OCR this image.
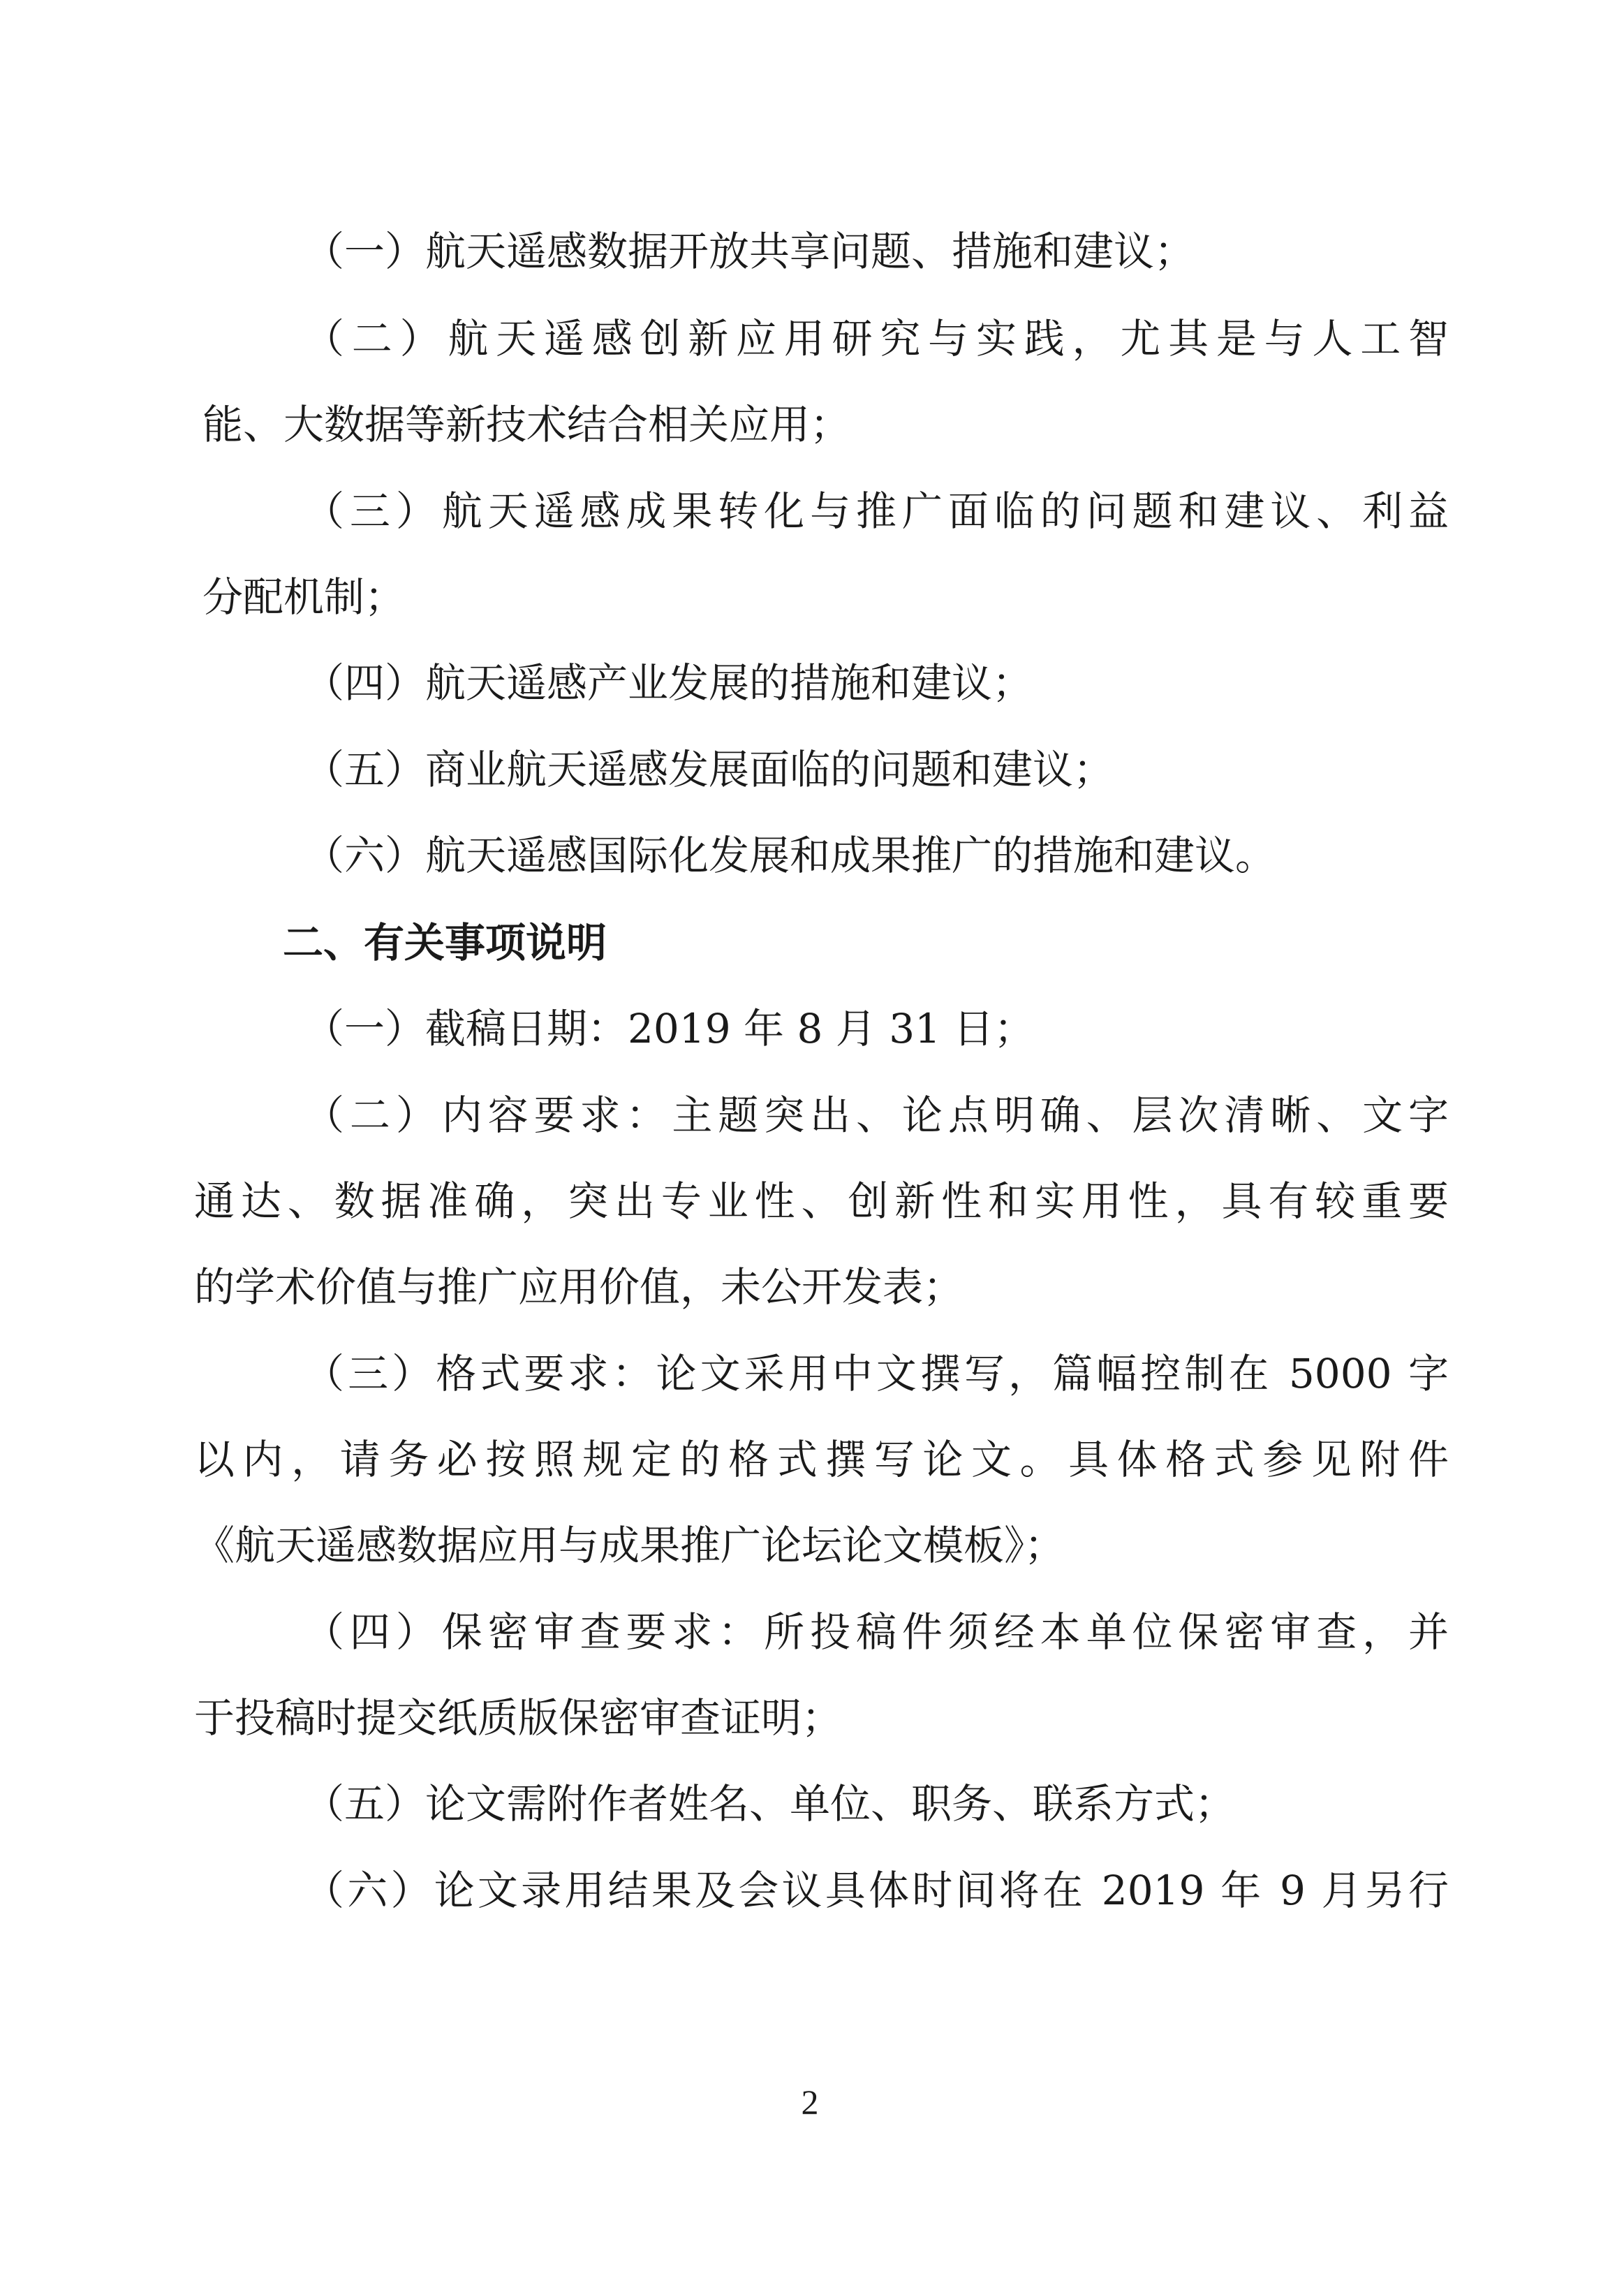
（一）航天遥感数据开放共享问题、措施和建议；
（二）航天遥感创新应用研究与实践，尤其是与人工智
能、大数据等新技术结合相关应用；
（三）航天遥感成果转化与推广面临的问题和建议、利益
分配机制；
（四）航天遥感产业发展的措施和建议；
（五）商业航天遥感发展面临的问题和建议；
（六）航天遥感国际化发展和成果推广的措施和建议。
二、有关事项说明
（一）截稿日期：2019 年 8 月 31 日；
（二）内容要求：主题突出、论点明确、层次清晰、文字
通达、数据准确，突出专业性、创新性和实用性，具有较重要
的学术价值与推广应用价值，未公开发表；
（三）格式要求：论文采用中文撰写，篇幅控制在 5000 字
以内，请务必按照规定的格式撰写论文。具体格式参见附件
《航天遥感数据应用与成果推广论坛论文模板》；
（四）保密审查要求：所投稿件须经本单位保密审查，并
于投稿时提交纸质版保密审查证明；
（五）论文需附作者姓名、单位、职务、联系方式；
（六）论文录用结果及会议具体时间将在 2019 年 9 月另行
2
